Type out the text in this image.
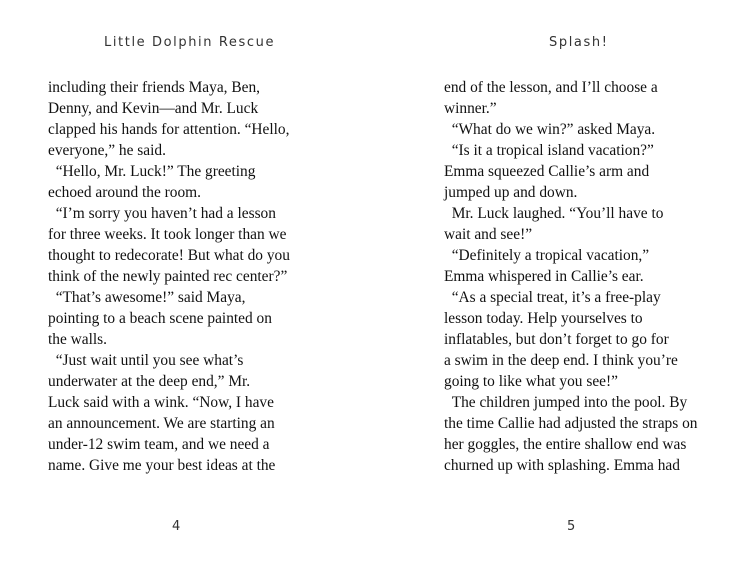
Little Dolphin Rescue
including their friends Maya, Ben,
Denny, and Kevin—and Mr. Luck
clapped his hands for attention. “Hello,
everyone,” he said.
“Hello, Mr. Luck!” The greeting
echoed around the room.
“I’m sorry you haven’t had a lesson
for three weeks. It took longer than we
thought to redecorate! But what do you
think of the newly painted rec center?”
“That’s awesome!” said Maya,
pointing to a beach scene painted on
the walls.
“Just wait until you see what’s
underwater at the deep end,” Mr.
Luck said with a wink. “Now, I have
an announcement. We are starting an
under-12 swim team, and we need a
name. Give me your best ideas at the
4
Splash!
end of the lesson, and I’ll choose a
winner.”
“What do we win?” asked Maya.
“Is it a tropical island vacation?”
Emma squeezed Callie’s arm and
jumped up and down.
Mr. Luck laughed. “You’ll have to
wait and see!”
“Definitely a tropical vacation,”
Emma whispered in Callie’s ear.
“As a special treat, it’s a free-play
lesson today. Help yourselves to
inflatables, but don’t forget to go for
a swim in the deep end. I think you’re
going to like what you see!”
The children jumped into the pool. By
the time Callie had adjusted the straps on
her goggles, the entire shallow end was
churned up with splashing. Emma had
5
